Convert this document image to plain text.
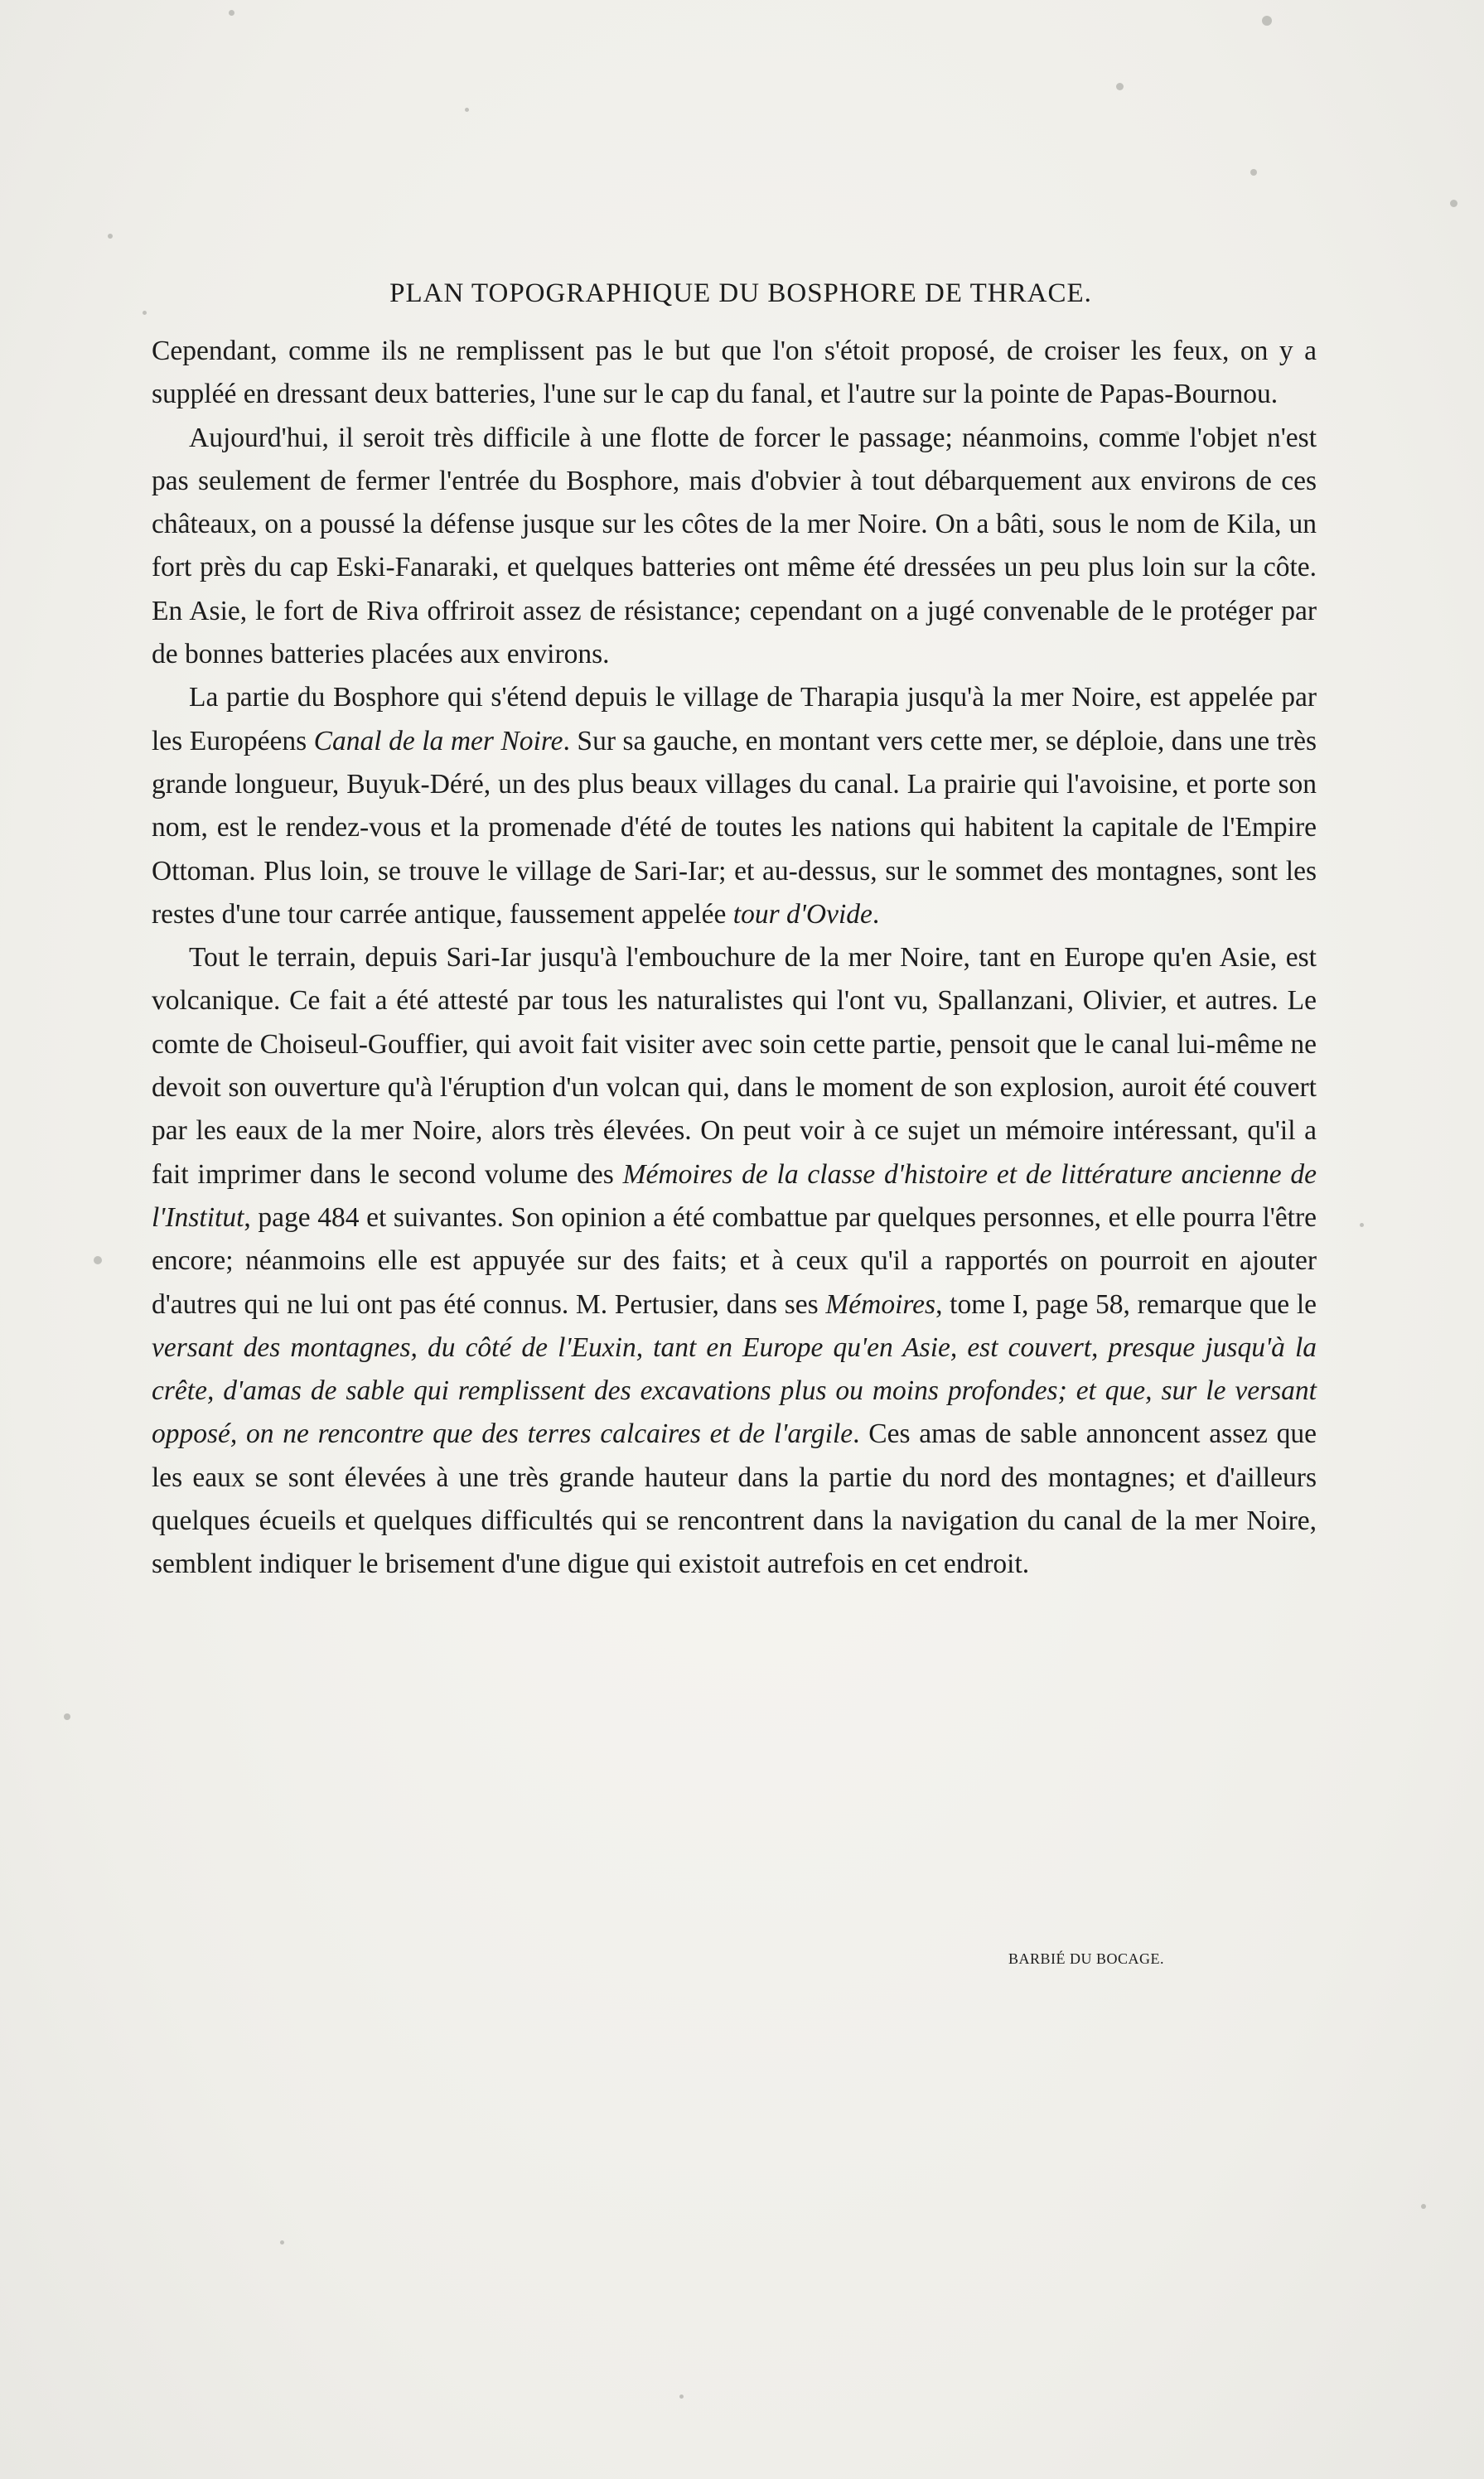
PLAN TOPOGRAPHIQUE DU BOSPHORE DE THRACE.

Cependant, comme ils ne remplissent pas le but que l'on s'étoit proposé, de croiser les feux, on y a suppléé en dressant deux batteries, l'une sur le cap du fanal, et l'autre sur la pointe de Papas-Bournou.

Aujourd'hui, il seroit très difficile à une flotte de forcer le passage; néanmoins, comme l'objet n'est pas seulement de fermer l'entrée du Bosphore, mais d'obvier à tout débarquement aux environs de ces châteaux, on a poussé la défense jusque sur les côtes de la mer Noire. On a bâti, sous le nom de Kila, un fort près du cap Eski-Fanaraki, et quelques batteries ont même été dressées un peu plus loin sur la côte. En Asie, le fort de Riva offriroit assez de résistance; cependant on a jugé convenable de le protéger par de bonnes batteries placées aux environs.

La partie du Bosphore qui s'étend depuis le village de Tharapia jusqu'à la mer Noire, est appelée par les Européens Canal de la mer Noire. Sur sa gauche, en montant vers cette mer, se déploie, dans une très grande longueur, Buyuk-Déré, un des plus beaux villages du canal. La prairie qui l'avoisine, et porte son nom, est le rendez-vous et la promenade d'été de toutes les nations qui habitent la capitale de l'Empire Ottoman. Plus loin, se trouve le village de Sari-Iar; et au-dessus, sur le sommet des montagnes, sont les restes d'une tour carrée antique, faussement appelée tour d'Ovide.

Tout le terrain, depuis Sari-Iar jusqu'à l'embouchure de la mer Noire, tant en Europe qu'en Asie, est volcanique. Ce fait a été attesté par tous les naturalistes qui l'ont vu, Spallanzani, Olivier, et autres. Le comte de Choiseul-Gouffier, qui avoit fait visiter avec soin cette partie, pensoit que le canal lui-même ne devoit son ouverture qu'à l'éruption d'un volcan qui, dans le moment de son explosion, auroit été couvert par les eaux de la mer Noire, alors très élevées. On peut voir à ce sujet un mémoire intéressant, qu'il a fait imprimer dans le second volume des Mémoires de la classe d'histoire et de littérature ancienne de l'Institut, page 484 et suivantes. Son opinion a été combattue par quelques personnes, et elle pourra l'être encore; néanmoins elle est appuyée sur des faits; et à ceux qu'il a rapportés on pourroit en ajouter d'autres qui ne lui ont pas été connus. M. Pertusier, dans ses Mémoires, tome I, page 58, remarque que le versant des montagnes, du côté de l'Euxin, tant en Europe qu'en Asie, est couvert, presque jusqu'à la crête, d'amas de sable qui remplissent des excavations plus ou moins profondes; et que, sur le versant opposé, on ne rencontre que des terres calcaires et de l'argile. Ces amas de sable annoncent assez que les eaux se sont élevées à une très grande hauteur dans la partie du nord des montagnes; et d'ailleurs quelques écueils et quelques difficultés qui se rencontrent dans la navigation du canal de la mer Noire, semblent indiquer le brisement d'une digue qui existoit autrefois en cet endroit.

BARBIÉ DU BOCAGE.
